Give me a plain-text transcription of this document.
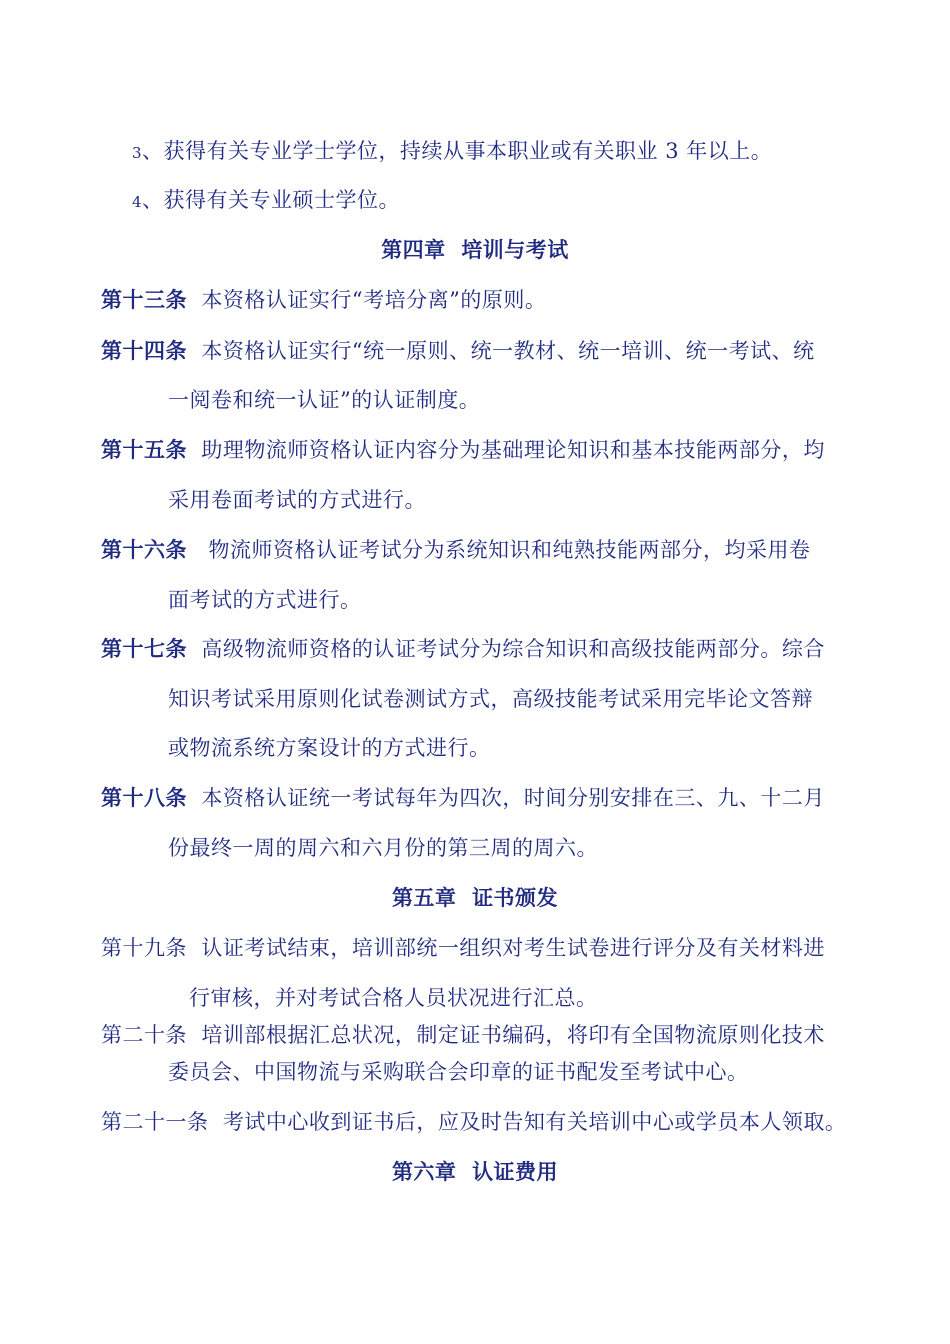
3、获得有关专业学士学位，持续从事本职业或有关职业 3 年以上。
4、获得有关专业硕士学位。
第四章 培训与考试
第十三条 本资格认证实行“考培分离”的原则。
第十四条 本资格认证实行“统一原则、统一教材、统一培训、统一考试、统
一阅卷和统一认证”的认证制度。
第十五条 助理物流师资格认证内容分为基础理论知识和基本技能两部分，均
采用卷面考试的方式进行。
第十六条 物流师资格认证考试分为系统知识和纯熟技能两部分，均采用卷
面考试的方式进行。
第十七条 高级物流师资格的认证考试分为综合知识和高级技能两部分。综合
知识考试采用原则化试卷测试方式，高级技能考试采用完毕论文答辩
或物流系统方案设计的方式进行。
第十八条 本资格认证统一考试每年为四次，时间分别安排在三、九、十二月
份最终一周的周六和六月份的第三周的周六。
第五章 证书颁发
第十九条 认证考试结束，培训部统一组织对考生试卷进行评分及有关材料进
行审核，并对考试合格人员状况进行汇总。
第二十条 培训部根据汇总状况，制定证书编码，将印有全国物流原则化技术
委员会、中国物流与采购联合会印章的证书配发至考试中心。
第二十一条 考试中心收到证书后，应及时告知有关培训中心或学员本人领取。
第六章 认证费用
